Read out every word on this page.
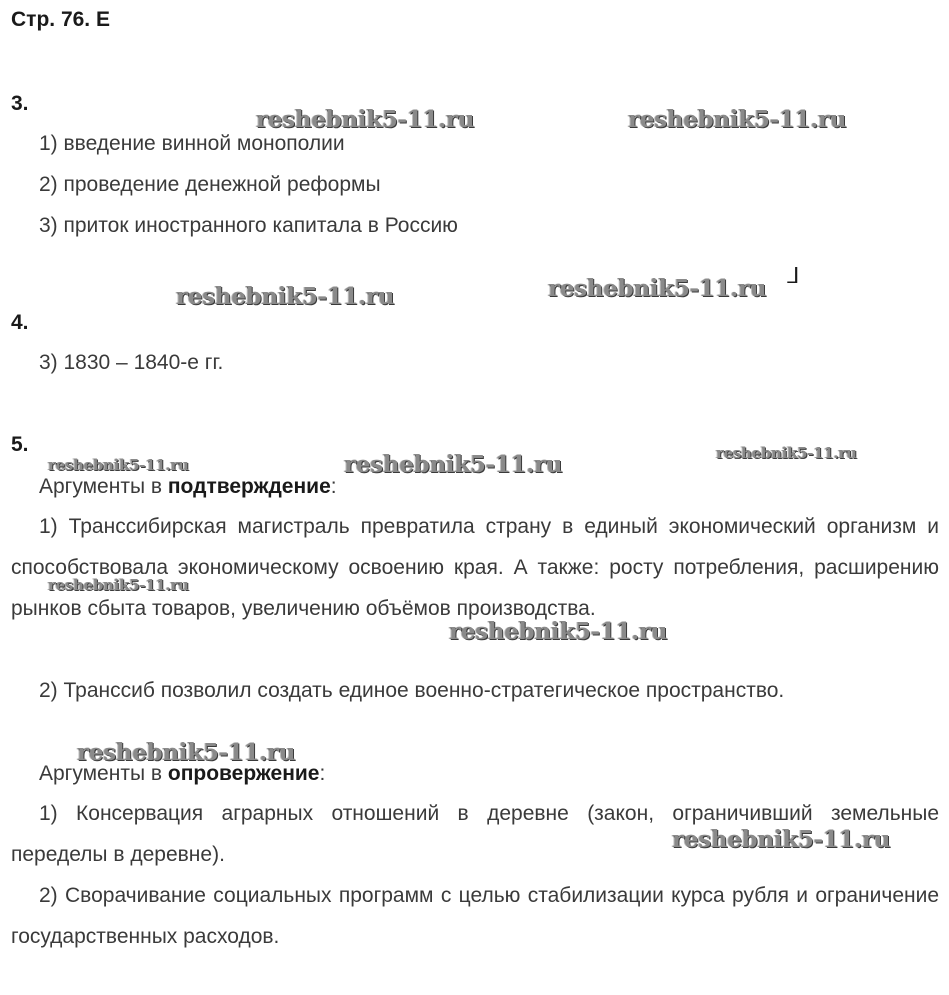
Стр. 76. Е
3.
1) введение винной монополии
2) проведение денежной реформы
3) приток иностранного капитала в Россию
4.
3) 1830 – 1840-е гг.
5.
Аргументы в подтверждение:
1) Транссибирская магистраль превратила страну в единый экономический организм и способствовала экономическому освоению края. А также: росту потребления, расширению рынков сбыта товаров, увеличению объёмов производства.
2) Транссиб позволил создать единое военно-стратегическое пространство.
Аргументы в опровержение:
1) Консервация аграрных отношений в деревне (закон, ограничивший земельные переделы в деревне).
2) Сворачивание социальных программ с целью стабилизации курса рубля и ограничение государственных расходов.
ᒧ
reshebnik5-11.ru	reshebnik5-11.ru
reshebnik5-11.ru	reshebnik5-11.ru
reshebnik5-11.ru	reshebnik5-11.ru	reshebnik5-11.ru
reshebnik5-11.ru
reshebnik5-11.ru
reshebnik5-11.ru
reshebnik5-11.ru
